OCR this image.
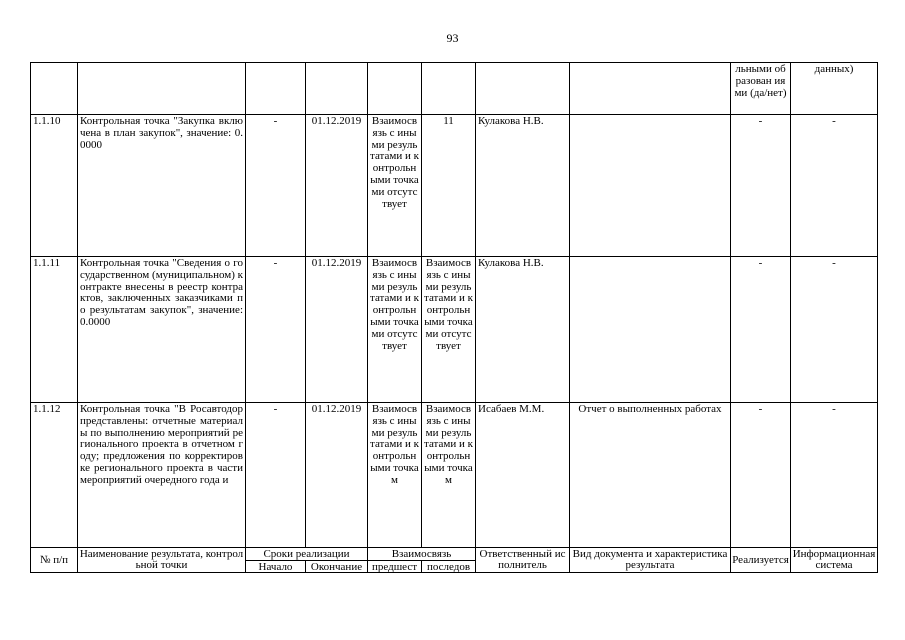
93
								льными образован иями (да/нет)	данных)
1.1.10	Контрольная точка "Закупка включена в план закупок", значение: 0.0000	-	01.12.2019	Взаимосвязь с иными результатами и контрольными точками отсутствует	11	Кулакова Н.В.		-	-
1.1.11	Контрольная точка "Сведения о государственном (муниципальном) контракте внесены в реестр контрактов, заключенных заказчиками по результатам закупок", значение: 0.0000	-	01.12.2019	Взаимосвязь с иными результатами и контрольными точками отсутствует	Взаимосвязь с иными результатами и контрольными точками отсутствует	Кулакова Н.В.		-	-
1.1.12	Контрольная точка "В Росавтодор представлены: отчетные материалы по выполнению мероприятий регионального проекта в отчетном году; предложения по корректировке регионального проекта в части мероприятий очередного года и	-	01.12.2019	Взаимосвязь с иными результатами и контрольными точкам	Взаимосвязь с иными результатами и контрольными точкам	Исабаев М.М.	Отчет о выполненных работах	-	-
№ п/п	Наименование результата, контрольной точки	Сроки реализации		Взаимосвязь		Ответственный исполнитель	Вид документа и характеристика результата	Реализуется	Информационная система
		Начало	Окончание	предшест	последов				
